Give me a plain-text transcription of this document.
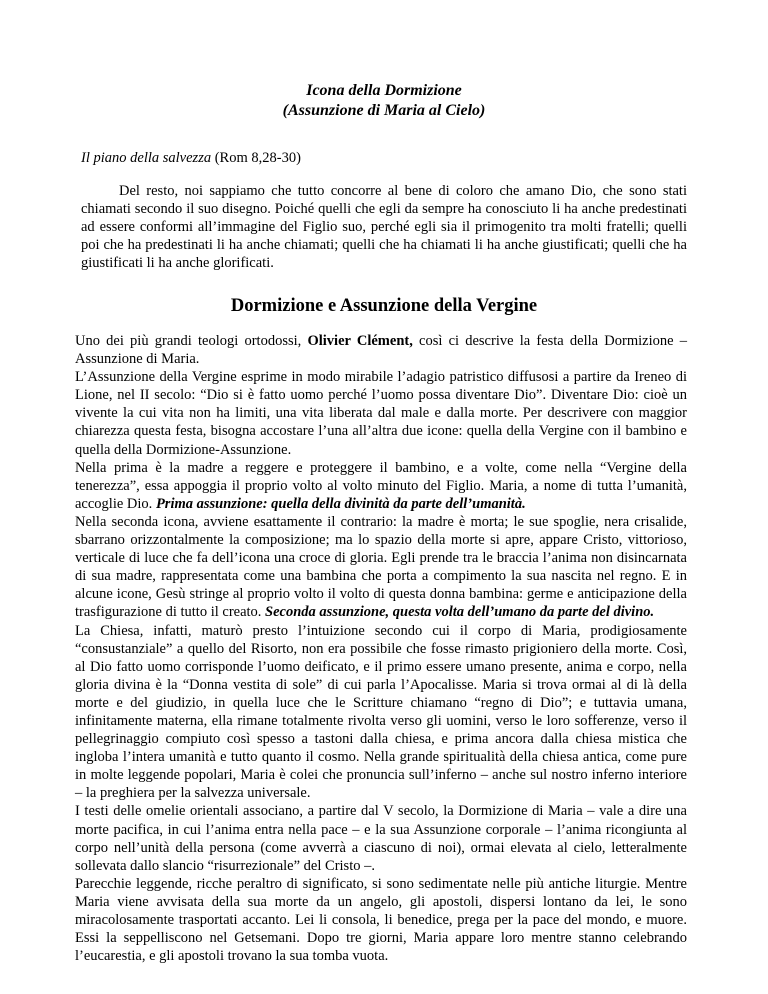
Icona della Dormizione
(Assunzione di Maria al Cielo)
Il piano della salvezza (Rom 8,28-30)
Del resto, noi sappiamo che tutto concorre al bene di coloro che amano Dio, che sono stati chiamati secondo il suo disegno. Poiché quelli che egli da sempre ha conosciuto li ha anche predestinati ad essere conformi all’immagine del Figlio suo, perché egli sia il primogenito tra molti fratelli; quelli poi che ha predestinati li ha anche chiamati; quelli che ha chiamati li ha anche giustificati; quelli che ha giustificati li ha anche glorificati.
Dormizione e Assunzione della Vergine

Uno dei più grandi teologi ortodossi, Olivier Clément, così ci descrive la festa della Dormizione – Assunzione di Maria.

L’Assunzione della Vergine esprime in modo mirabile l’adagio patristico diffusosi a partire da Ireneo di Lione, nel II secolo: “Dio si è fatto uomo perché l’uomo possa diventare Dio”. Diventare Dio: cioè un vivente la cui vita non ha limiti, una vita liberata dal male e dalla morte. Per descrivere con maggior chiarezza questa festa, bisogna accostare l’una all’altra due icone: quella della Vergine con il bambino e quella della Dormizione-Assunzione.

Nella prima è la madre a reggere e proteggere il bambino, e a volte, come nella “Vergine della tenerezza”, essa appoggia il proprio volto al volto minuto del Figlio. Maria, a nome di tutta l’umanità, accoglie Dio. Prima assunzione: quella della divinità da parte dell’umanità.

Nella seconda icona, avviene esattamente il contrario: la madre è morta; le sue spoglie, nera crisalide, sbarrano orizzontalmente la composizione; ma lo spazio della morte si apre, appare Cristo, vittorioso, verticale di luce che fa dell’icona una croce di gloria. Egli prende tra le braccia l’anima non disincarnata di sua madre, rappresentata come una bambina che porta a compimento la sua nascita nel regno. E in alcune icone, Gesù stringe al proprio volto il volto di questa donna bambina: germe e anticipazione della trasfigurazione di tutto il creato. Seconda assunzione, questa volta dell’umano da parte del divino.

La Chiesa, infatti, maturò presto l’intuizione secondo cui il corpo di Maria, prodigiosamente “consustanziale” a quello del Risorto, non era possibile che fosse rimasto prigioniero della morte. Così, al Dio fatto uomo corrisponde l’uomo deificato, e il primo essere umano presente, anima e corpo, nella gloria divina è la “Donna vestita di sole” di cui parla l’Apocalisse. Maria si trova ormai al di là della morte e del giudizio, in quella luce che le Scritture chiamano “regno di Dio”; e tuttavia umana, infinitamente materna, ella rimane totalmente rivolta verso gli uomini, verso le loro sofferenze, verso il pellegrinaggio compiuto così spesso a tastoni dalla chiesa, e prima ancora dalla chiesa mistica che ingloba l’intera umanità e tutto quanto il cosmo. Nella grande spiritualità della chiesa antica, come pure in molte leggende popolari, Maria è colei che pronuncia sull’inferno – anche sul nostro inferno interiore – la preghiera per la salvezza universale.

I testi delle omelie orientali associano, a partire dal V secolo, la Dormizione di Maria – vale a dire una morte pacifica, in cui l’anima entra nella pace – e la sua Assunzione corporale – l’anima ricongiunta al corpo nell’unità della persona (come avverrà a ciascuno di noi), ormai elevata al cielo, letteralmente sollevata dallo slancio “risurrezionale” del Cristo –.

Parecchie leggende, ricche peraltro di significato, si sono sedimentate nelle più antiche liturgie. Mentre Maria viene avvisata della sua morte da un angelo, gli apostoli, dispersi lontano da lei, le sono miracolosamente trasportati accanto. Lei li consola, li benedice, prega per la pace del mondo, e muore. Essi la seppelliscono nel Getsemani. Dopo tre giorni, Maria appare loro mentre stanno celebrando l’eucarestia, e gli apostoli trovano la sua tomba vuota.
